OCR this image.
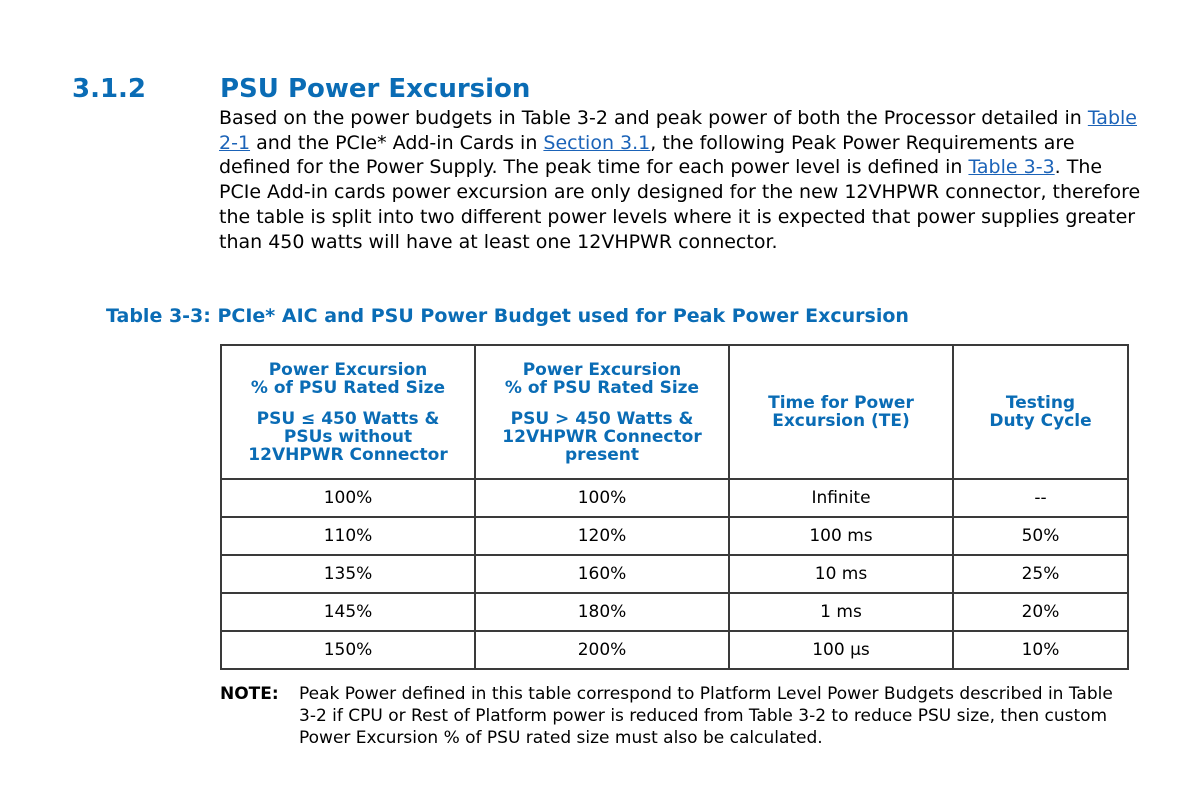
3.1.2	PSU Power Excursion

Based on the power budgets in Table 3-2 and peak power of both the Processor detailed in Table 2-1 and the PCIe* Add-in Cards in Section 3.1, the following Peak Power Requirements are defined for the Power Supply. The peak time for each power level is defined in Table 3-3. The PCIe Add-in cards power excursion are only designed for the new 12VHPWR connector, therefore the table is split into two different power levels where it is expected that power supplies greater than 450 watts will have at least one 12VHPWR connector.

Table 3-3: PCIe* AIC and PSU Power Budget used for Peak Power Excursion

Power Excursion
% of PSU Rated Size
PSU ≤ 450 Watts &
PSUs without
12VHPWR Connector	Power Excursion
% of PSU Rated Size
PSU > 450 Watts &
12VHPWR Connector
present	Time for Power
Excursion (TE)	Testing
Duty Cycle

100%	100%	Infinite	--
110%	120%	100 ms	50%
135%	160%	10 ms	25%
145%	180%	1 ms	20%
150%	200%	100 µs	10%
NOTE:	Peak Power defined in this table correspond to Platform Level Power Budgets described in Table 3-2 if CPU or Rest of Platform power is reduced from Table 3-2 to reduce PSU size, then custom Power Excursion % of PSU rated size must also be calculated.
